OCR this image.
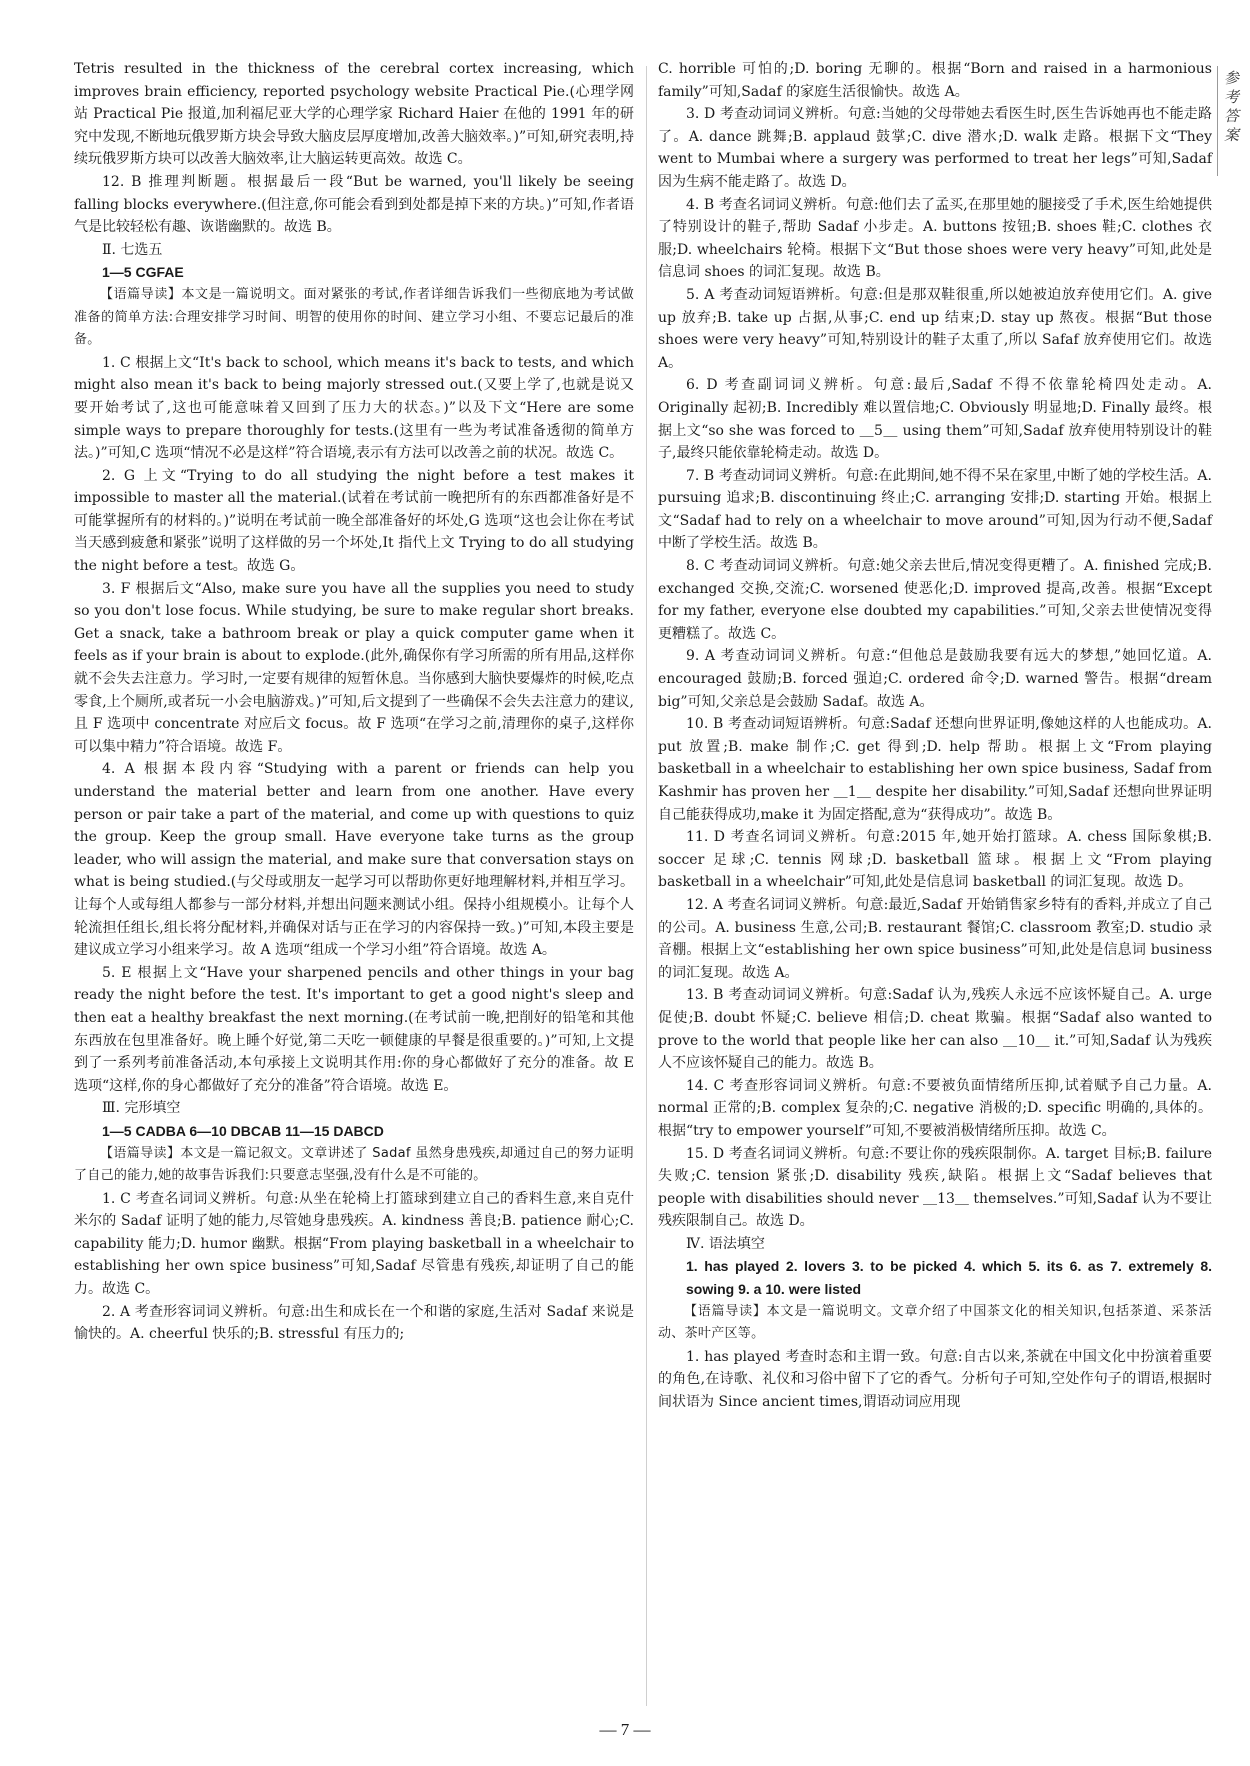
参考答案

Tetris resulted in the thickness of the cerebral cortex increasing, which improves brain efficiency, reported psychology website Practical Pie.(心理学网站 Practical Pie 报道,加利福尼亚大学的心理学家 Richard Haier 在他的 1991 年的研究中发现,不断地玩俄罗斯方块会导致大脑皮层厚度增加,改善大脑效率。)”可知,研究表明,持续玩俄罗斯方块可以改善大脑效率,让大脑运转更高效。故选 C。

12. B 推理判断题。根据最后一段“But be warned, you'll likely be seeing falling blocks everywhere.(但注意,你可能会看到到处都是掉下来的方块。)”可知,作者语气是比较轻松有趣、诙谐幽默的。故选 B。

Ⅱ. 七选五

1—5 CGFAE

【语篇导读】本文是一篇说明文。面对紧张的考试,作者详细告诉我们一些彻底地为考试做准备的简单方法:合理安排学习时间、明智的使用你的时间、建立学习小组、不要忘记最后的准备。

1. C 根据上文“It's back to school, which means it's back to tests, and which might also mean it's back to being majorly stressed out.(又要上学了,也就是说又要开始考试了,这也可能意味着又回到了压力大的状态。)”以及下文“Here are some simple ways to prepare thoroughly for tests.(这里有一些为考试准备透彻的简单方法。)”可知,C 选项“情况不必是这样”符合语境,表示有方法可以改善之前的状况。故选 C。

2. G 上文“Trying to do all studying the night before a test makes it impossible to master all the material.(试着在考试前一晚把所有的东西都准备好是不可能掌握所有的材料的。)”说明在考试前一晚全部准备好的坏处,G 选项“这也会让你在考试当天感到疲惫和紧张”说明了这样做的另一个坏处,It 指代上文 Trying to do all studying the night before a test。故选 G。

3. F 根据后文“Also, make sure you have all the supplies you need to study so you don't lose focus. While studying, be sure to make regular short breaks. Get a snack, take a bathroom break or play a quick computer game when it feels as if your brain is about to explode.(此外,确保你有学习所需的所有用品,这样你就不会失去注意力。学习时,一定要有规律的短暂休息。当你感到大脑快要爆炸的时候,吃点零食,上个厕所,或者玩一小会电脑游戏。)”可知,后文提到了一些确保不会失去注意力的建议,且 F 选项中 concentrate 对应后文 focus。故 F 选项“在学习之前,清理你的桌子,这样你可以集中精力”符合语境。故选 F。

4. A 根据本段内容“Studying with a parent or friends can help you understand the material better and learn from one another. Have every person or pair take a part of the material, and come up with questions to quiz the group. Keep the group small. Have everyone take turns as the group leader, who will assign the material, and make sure that conversation stays on what is being studied.(与父母或朋友一起学习可以帮助你更好地理解材料,并相互学习。让每个人或每组人都参与一部分材料,并想出问题来测试小组。保持小组规模小。让每个人轮流担任组长,组长将分配材料,并确保对话与正在学习的内容保持一致。)”可知,本段主要是建议成立学习小组来学习。故 A 选项“组成一个学习小组”符合语境。故选 A。

5. E 根据上文“Have your sharpened pencils and other things in your bag ready the night before the test. It's important to get a good night's sleep and then eat a healthy breakfast the next morning.(在考试前一晚,把削好的铅笔和其他东西放在包里准备好。晚上睡个好觉,第二天吃一顿健康的早餐是很重要的。)”可知,上文提到了一系列考前准备活动,本句承接上文说明其作用:你的身心都做好了充分的准备。故 E 选项“这样,你的身心都做好了充分的准备”符合语境。故选 E。

Ⅲ. 完形填空

1—5 CADBA 6—10 DBCAB 11—15 DABCD

【语篇导读】本文是一篇记叙文。文章讲述了 Sadaf 虽然身患残疾,却通过自己的努力证明了自己的能力,她的故事告诉我们:只要意志坚强,没有什么是不可能的。

1. C 考查名词词义辨析。句意:从坐在轮椅上打篮球到建立自己的香料生意,来自克什米尔的 Sadaf 证明了她的能力,尽管她身患残疾。A. kindness 善良;B. patience 耐心;C. capability 能力;D. humor 幽默。根据“From playing basketball in a wheelchair to establishing her own spice business”可知,Sadaf 尽管患有残疾,却证明了自己的能力。故选 C。

2. A 考查形容词词义辨析。句意:出生和成长在一个和谐的家庭,生活对 Sadaf 来说是愉快的。A. cheerful 快乐的;B. stressful 有压力的;

C. horrible 可怕的;D. boring 无聊的。根据“Born and raised in a harmonious family”可知,Sadaf 的家庭生活很愉快。故选 A。

3. D 考查动词词义辨析。句意:当她的父母带她去看医生时,医生告诉她再也不能走路了。A. dance 跳舞;B. applaud 鼓掌;C. dive 潜水;D. walk 走路。根据下文“They went to Mumbai where a surgery was performed to treat her legs”可知,Sadaf 因为生病不能走路了。故选 D。

4. B 考查名词词义辨析。句意:他们去了孟买,在那里她的腿接受了手术,医生给她提供了特别设计的鞋子,帮助 Sadaf 小步走。A. buttons 按钮;B. shoes 鞋;C. clothes 衣服;D. wheelchairs 轮椅。根据下文“But those shoes were very heavy”可知,此处是信息词 shoes 的词汇复现。故选 B。

5. A 考查动词短语辨析。句意:但是那双鞋很重,所以她被迫放弃使用它们。A. give up 放弃;B. take up 占据,从事;C. end up 结束;D. stay up 熬夜。根据“But those shoes were very heavy”可知,特别设计的鞋子太重了,所以 Safaf 放弃使用它们。故选 A。

6. D 考查副词词义辨析。句意:最后,Sadaf 不得不依靠轮椅四处走动。A. Originally 起初;B. Incredibly 难以置信地;C. Obviously 明显地;D. Finally 最终。根据上文“so she was forced to ＿5＿ using them”可知,Sadaf 放弃使用特别设计的鞋子,最终只能依靠轮椅走动。故选 D。

7. B 考查动词词义辨析。句意:在此期间,她不得不呆在家里,中断了她的学校生活。A. pursuing 追求;B. discontinuing 终止;C. arranging 安排;D. starting 开始。根据上文“Sadaf had to rely on a wheelchair to move around”可知,因为行动不便,Sadaf 中断了学校生活。故选 B。

8. C 考查动词词义辨析。句意:她父亲去世后,情况变得更糟了。A. finished 完成;B. exchanged 交换,交流;C. worsened 使恶化;D. improved 提高,改善。根据“Except for my father, everyone else doubted my capabilities.”可知,父亲去世使情况变得更糟糕了。故选 C。

9. A 考查动词词义辨析。句意:“但他总是鼓励我要有远大的梦想,”她回忆道。A. encouraged 鼓励;B. forced 强迫;C. ordered 命令;D. warned 警告。根据“dream big”可知,父亲总是会鼓励 Sadaf。故选 A。

10. B 考查动词短语辨析。句意:Sadaf 还想向世界证明,像她这样的人也能成功。A. put 放置;B. make 制作;C. get 得到;D. help 帮助。根据上文“From playing basketball in a wheelchair to establishing her own spice business, Sadaf from Kashmir has proven her ＿1＿ despite her disability.”可知,Sadaf 还想向世界证明自己能获得成功,make it 为固定搭配,意为“获得成功”。故选 B。

11. D 考查名词词义辨析。句意:2015 年,她开始打篮球。A. chess 国际象棋;B. soccer 足球;C. tennis 网球;D. basketball 篮球。根据上文“From playing basketball in a wheelchair”可知,此处是信息词 basketball 的词汇复现。故选 D。

12. A 考查名词词义辨析。句意:最近,Sadaf 开始销售家乡特有的香料,并成立了自己的公司。A. business 生意,公司;B. restaurant 餐馆;C. classroom 教室;D. studio 录音棚。根据上文“establishing her own spice business”可知,此处是信息词 business 的词汇复现。故选 A。

13. B 考查动词词义辨析。句意:Sadaf 认为,残疾人永远不应该怀疑自己。A. urge 促使;B. doubt 怀疑;C. believe 相信;D. cheat 欺骗。根据“Sadaf also wanted to prove to the world that people like her can also ＿10＿ it.”可知,Sadaf 认为残疾人不应该怀疑自己的能力。故选 B。

14. C 考查形容词词义辨析。句意:不要被负面情绪所压抑,试着赋予自己力量。A. normal 正常的;B. complex 复杂的;C. negative 消极的;D. specific 明确的,具体的。根据“try to empower yourself”可知,不要被消极情绪所压抑。故选 C。

15. D 考查名词词义辨析。句意:不要让你的残疾限制你。A. target 目标;B. failure 失败;C. tension 紧张;D. disability 残疾,缺陷。根据上文“Sadaf believes that people with disabilities should never ＿13＿ themselves.”可知,Sadaf 认为不要让残疾限制自己。故选 D。

Ⅳ. 语法填空

1. has played 2. lovers 3. to be picked 4. which 5. its 6. as 7. extremely 8. sowing 9. a 10. were listed

【语篇导读】本文是一篇说明文。文章介绍了中国茶文化的相关知识,包括茶道、采茶活动、茶叶产区等。

1. has played 考查时态和主谓一致。句意:自古以来,茶就在中国文化中扮演着重要的角色,在诗歌、礼仪和习俗中留下了它的香气。分析句子可知,空处作句子的谓语,根据时间状语为 Since ancient times,谓语动词应用现

— 7 —
